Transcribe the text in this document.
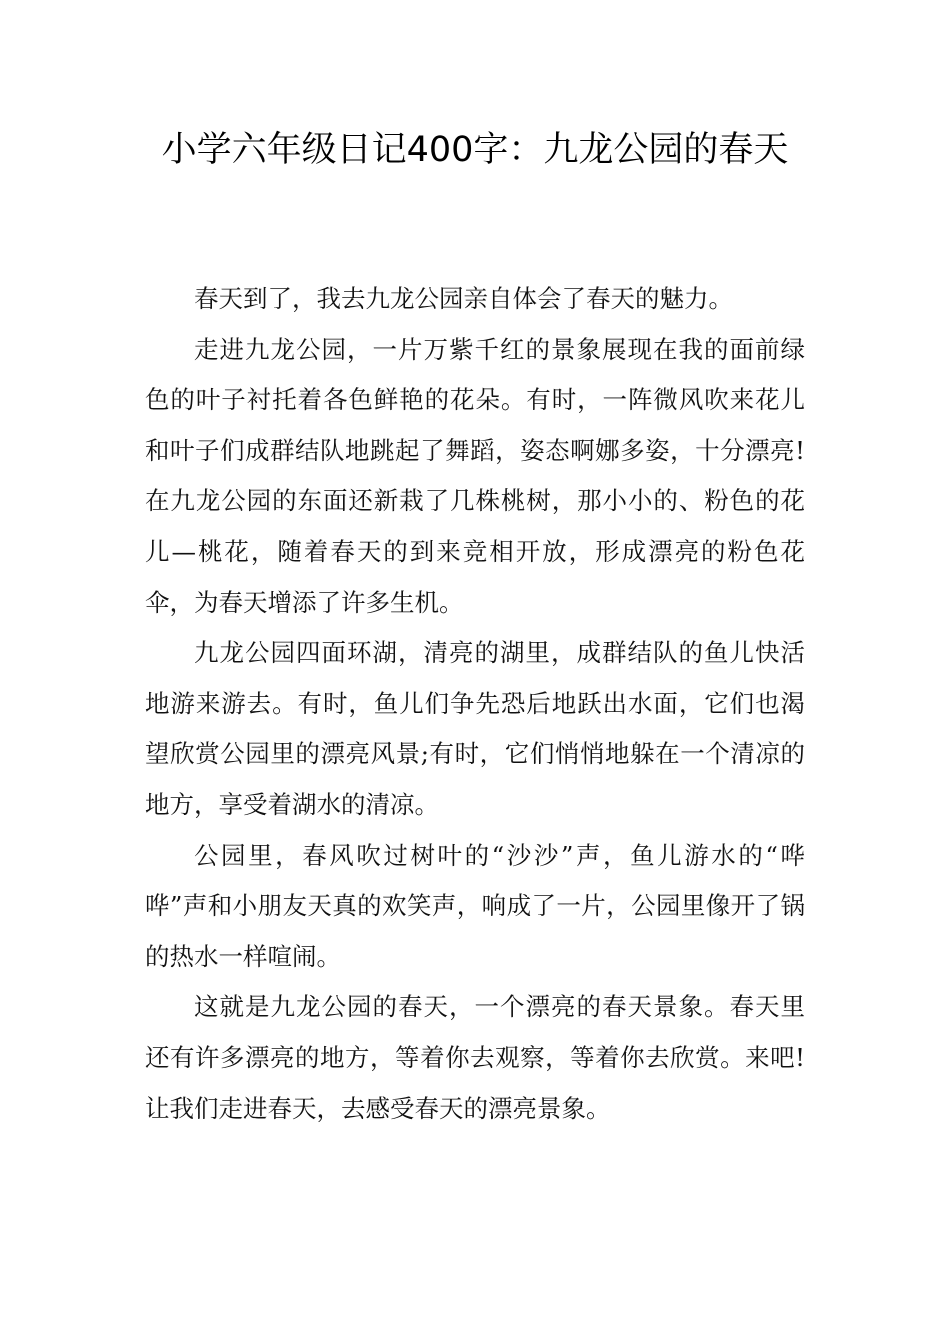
小学六年级日记400字：九龙公园的春天

春天到了，我去九龙公园亲自体会了春天的魅力。

走进九龙公园，一片万紫千红的景象展现在我的面前绿色的叶子衬托着各色鲜艳的花朵。有时，一阵微风吹来花儿和叶子们成群结队地跳起了舞蹈，姿态啊娜多姿，十分漂亮!在九龙公园的东面还新栽了几株桃树，那小小的、粉色的花儿—桃花，随着春天的到来竞相开放，形成漂亮的粉色花伞，为春天增添了许多生机。

九龙公园四面环湖，清亮的湖里，成群结队的鱼儿快活地游来游去。有时，鱼儿们争先恐后地跃出水面，它们也渴望欣赏公园里的漂亮风景;有时，它们悄悄地躲在一个清凉的地方，享受着湖水的清凉。

公园里，春风吹过树叶的“沙沙”声，鱼儿游水的“哗哗”声和小朋友天真的欢笑声，响成了一片，公园里像开了锅的热水一样喧闹。

这就是九龙公园的春天，一个漂亮的春天景象。春天里还有许多漂亮的地方，等着你去观察，等着你去欣赏。来吧!让我们走进春天，去感受春天的漂亮景象。
